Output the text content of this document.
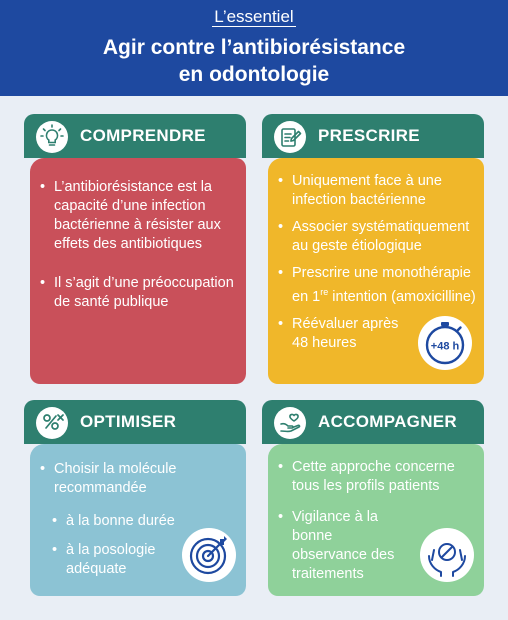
L’essentiel
Agir contre l’antibiorésistance
en odontologie
COMPRENDRE
• L’antibiorésistance est la capacité d’une infection bactérienne à résister aux effets des antibiotiques
• Il s’agit d’une préoccupation de santé publique
PRESCRIRE
• Uniquement face à une infection bactérienne
• Associer systématiquement au geste étiologique
• Prescrire une monothérapie
en 1re intention (amoxicilline)
• Réévaluer après
48 heures	+48 h
OPTIMISER
• Choisir la molécule recommandée
• à la bonne durée
• à la posologie adéquate
ACCOMPAGNER
• Cette approche concerne tous les profils patients
• Vigilance à la bonne observance des traitements
